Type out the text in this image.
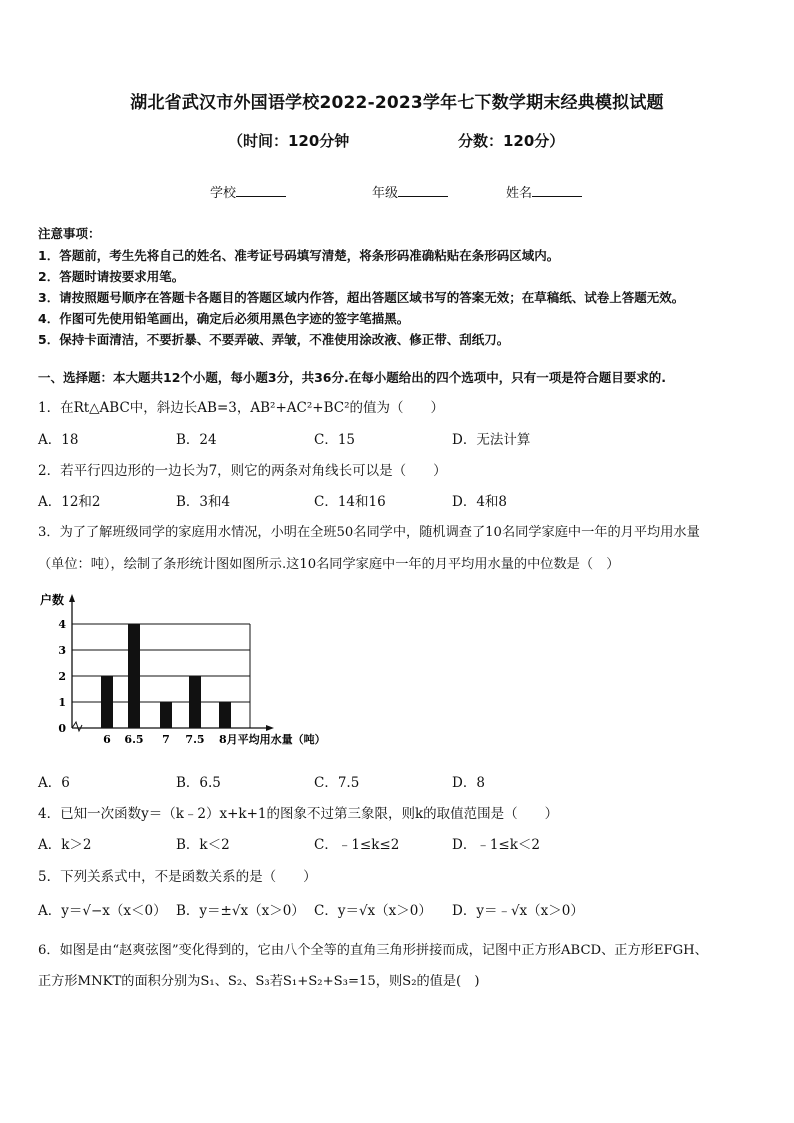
湖北省武汉市外国语学校2022-2023学年七下数学期末经典模拟试题
（时间：120分钟	分数：120分）
学校	年级	姓名
注意事项：
1．答题前，考生先将自己的姓名、准考证号码填写清楚，将条形码准确粘贴在条形码区域内。
2．答题时请按要求用笔。
3．请按照题号顺序在答题卡各题目的答题区域内作答，超出答题区域书写的答案无效；在草稿纸、试卷上答题无效。
4．作图可先使用铅笔画出，确定后必须用黑色字迹的签字笔描黑。
5．保持卡面清洁，不要折暴、不要弄破、弄皱，不准使用涂改液、修正带、刮纸刀。
一、选择题：本大题共12个小题，每小题3分，共36分.在每小题给出的四个选项中，只有一项是符合题目要求的.
1．在Rt△ABC中，斜边长AB=3，AB²+AC²+BC²的值为（　　）
A．18	B．24	C．15	D．无法计算
2．若平行四边形的一边长为7，则它的两条对角线长可以是（　　）
A．12和2	B．3和4	C．14和16	D．4和8
3．为了了解班级同学的家庭用水情况，小明在全班50名同学中，随机调查了10名同学家庭中一年的月平均用水量
（单位：吨），绘制了条形统计图如图所示.这10名同学家庭中一年的月平均用水量的中位数是（　）
0
1
2
3
4
户数
6 6.5 7 7.5 8月平均用水量（吨）
A．6	B．6.5	C．7.5	D．8
4．已知一次函数y＝（k﹣2）x+k+1的图象不过第三象限，则k的取值范围是（　　）
A．k＞2	B．k＜2	C．﹣1≤k≤2	D．﹣1≤k＜2
5．下列关系式中，不是函数关系的是（　　）
A．y＝√−x（x＜0） B．y＝±√x（x＞0） C．y＝√x（x＞0） D．y＝﹣√x（x＞0）
6．如图是由“赵爽弦图”变化得到的，它由八个全等的直角三角形拼接而成，记图中正方形ABCD、正方形EFGH、
正方形MNKT的面积分别为S₁、S₂、S₃若S₁+S₂+S₃=15，则S₂的值是(　)
